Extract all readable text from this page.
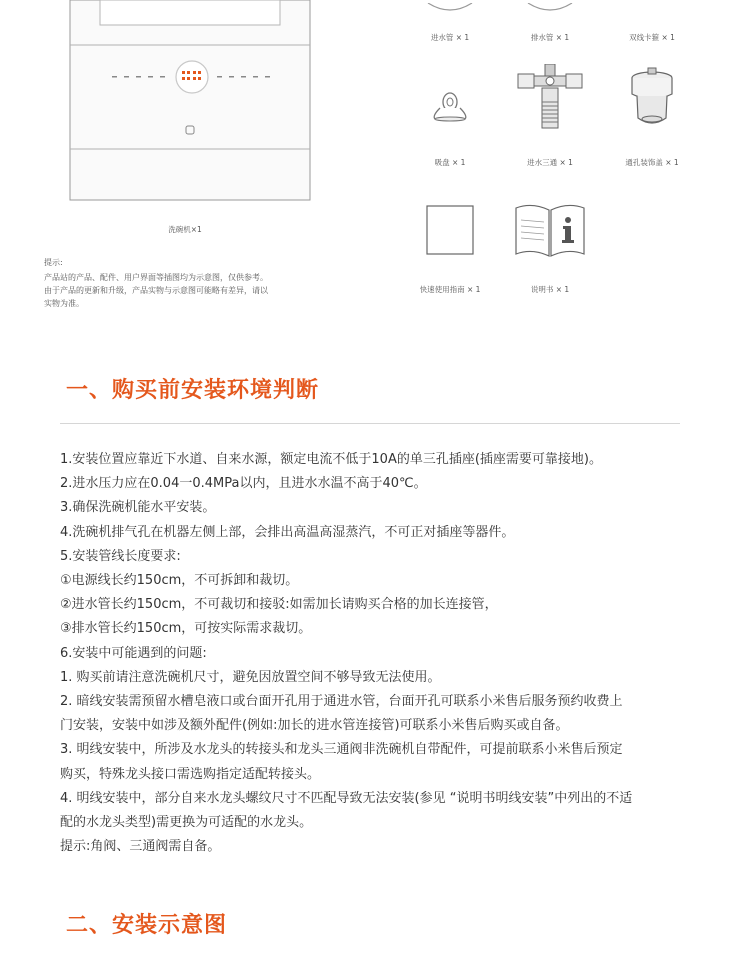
洗碗机×1
进水管 × 1	排水管 × 1	双线卡箍 × 1
吸盘 × 1	进水三通 × 1	通孔装饰盖 × 1
快速使用指南 × 1	说明书 × 1
提示:
产品站的产品、配件、用户界面等插图均为示意图，仅供参考。
由于产品的更新和升级，产品实物与示意图可能略有差异，请以
实物为准。
一、购买前安装环境判断
1.安装位置应靠近下水道、自来水源，额定电流不低于10A的单三孔插座(插座需要可靠接地)。
2.进水压力应在0.04一0.4MPa以内，且进水水温不高于40℃。
3.确保洗碗机能水平安装。
4.洗碗机排气孔在机器左侧上部，会排出高温高湿蒸汽，不可正对插座等器件。
5.安装管线长度要求:
①电源线长约150cm，不可拆卸和裁切。
②进水管长约150cm，不可裁切和接驳:如需加长请购买合格的加长连接管，
③排水管长约150cm，可按实际需求裁切。
6.安装中可能遇到的问题:
1. 购买前请注意洗碗机尺寸，避免因放置空间不够导致无法使用。
2. 暗线安装需预留水槽皂液口或台面开孔用于通进水管，台面开孔可联系小米售后服务预约收费上
门安装，安装中如涉及额外配件(例如:加长的进水管连接管)可联系小米售后购买或自备。
3. 明线安装中，所涉及水龙头的转接头和龙头三通阀非洗碗机自带配件，可提前联系小米售后预定
购买，特殊龙头接口需选购指定适配转接头。
4. 明线安装中，部分自来水龙头螺纹尺寸不匹配导致无法安装(参见 “说明书明线安装”中列出的不适
配的水龙头类型)需更换为可适配的水龙头。
提示:角阀、三通阀需自备。
二、安装示意图
